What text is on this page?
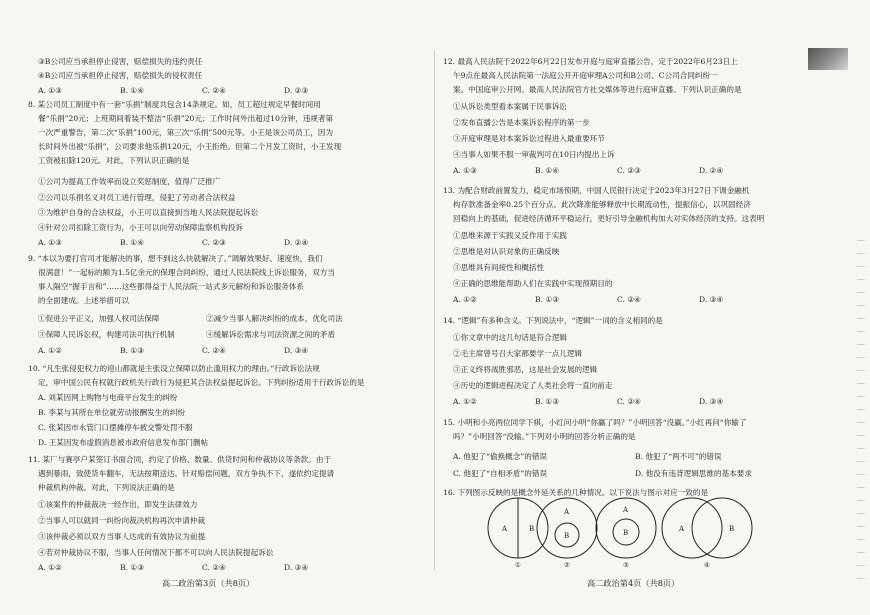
③B公司应当承担停止侵害，赔偿损失的违约责任
④B公司应当承担停止侵害，赔偿损失的侵权责任
A. ①③	B. ①④	C. ②④	D. ②③
8. 某公司员工制度中有一套“乐捐”制度共包含14条规定。如，员工超过规定早餐时间用
餐“乐捐”20元；上班期间着装不整洁“乐捐”20元；工作时间外出超过10分钟，违规者第
一次严重警告，第二次“乐捐”100元，第三次“乐捐”500元等。小王是该公司员工，因为
长时间外出被“乐捐”，公司要求他乐捐120元，小王拒绝。但第二个月发工资时，小王发现
工资被扣除120元。对此，下列认识正确的是
①公司为提高工作效率而设立奖惩制度，值得广泛推广
②公司以乐捐名义对员工进行管理，侵犯了劳动者合法权益
③为维护自身的合法权益，小王可以直接到当地人民法院提起诉讼
④针对公司扣除工资行为，小王可以向劳动保障监察机构投诉
A. ①③	B. ①④	C. ②③	D. ②④
9. “本以为要打官司才能解决的事，想不到这么快就解决了。”调解效果好、速度快，我们
很满意！”一起标的额为1.5亿余元的保理合同纠纷，通过人民法院线上诉讼服务，双方当
事人隔空“握手言和”……这些都得益于人民法院一站式多元解纷和诉讼服务体系
的全面建成。上述举措可以
①促进公平正义，加强人权司法保障	②减少当事人解决纠纷的成本，优化司法
③保障人民诉讼权，构建司法可执行机制	④缓解诉讼需求与司法资源之间的矛盾
A. ①②	B. ①③	C. ②④	D. ③④
10. “凡生张侵犯权力的迎山都就是主张设立保障以防止滥用权力的理由。”行政诉讼法规
定，审中国公民有权就行政机关行政行为侵犯其合法权益提起诉讼。下列纠纷适用于行政诉讼的是
A. 刘某因网上购物与电商平台发生的纠纷
B. 李某与其所在单位就劳动报酬发生的纠纷
C. 张某因市水管门口摆摊停车被交警处罚不服
D. 王某因发布虚假消息被市政府信息发布部门删帖
11. 某厂与赛亭户某签订书面合同，约定了价格、数量、供货时间和仲裁协议等条款。由于
遇到暴雨，致使货车翻车，无法按期送达。针对赔偿问题，双方争执不下，遂依约定提请
仲裁机构仲裁。对此，下列说法正确的是
①该案件的仲裁裁决一经作出，即发生法律效力
②当事人可以就同一纠纷向裁决机构再次申请仲裁
③该仲裁必须以双方当事人达成的有效协议为前提
④若对仲裁协议不服，当事人任何情况下都不可以向人民法院提起诉讼
A. ①②	B. ①③	C. ②④	D. ③④
高二政治第3页（共8页）
12. 最高人民法院于2022年6月22日发布开庭与庭审直播公告，定于2022年6月23日上
午9点在最高人民法院第一法庭公开开庭审理A公司和B公司、C公司合同纠纷一
案。中国庭审公开网、最高人民法院官方社交媒体等进行庭审直播。下列认识正确的是
①从诉讼类型看本案属于民事诉讼
②发布直播公告是本案诉讼程序的第一步
③开庭审理是对本案诉讼过程进入最重要环节
④当事人如果不服一审裁判可在10日内提出上诉
A. ①③	B. ①④	C. ②③	D. ②④
13. 为配合财政前置发力，稳定市场预期，中国人民银行决定于2023年3月27日下调金融机
构存款准备金率0.25个百分点。此次降准能够释放中长期流动性，提振信心，以巩固经济
回稳向上的基础，促进经济循环平稳运行，更好引导金融机构加大对实体经济的支持。这表明
①思维来源于实践又反作用于实践
②思维是对认识对象的正确反映
③思维具有间接性和概括性
④正确的思维能帮助人们在实践中实现预期目的
A. ①②	B. ①③	C. ②④	D. ③④
14. “逻辑”有多种含义。下列说法中，“逻辑”一词的含义相同的是
①你文章中的这几句话是符合逻辑
②毛主席曾号召大家都要学一点儿逻辑
③正义终将战胜邪恶，这是社会发展的逻辑
④历史的逻辑进程决定了人类社会将一直向前走
A. ①②	B. ①③	C. ②④	D. ③④
15. 小明和小亮两位同学下棋，小红问小明“你赢了吗？”小明回答“没赢。”小红再问“你输了
吗？”小明回答“没输。”下列对小明的回答分析正确的是
A. 他犯了“偷换概念”的错误	B. 他犯了“两不可”的错误
C. 他犯了“自相矛盾”的错误	D. 他没有违背逻辑思维的基本要求
16. 下列图示反映的是概念外延关系的几种情况。以下说法与图示对应一致的是
A	B
①
A
B
②
A
B
③
A	B
④
高二政治第4页（共8页）
